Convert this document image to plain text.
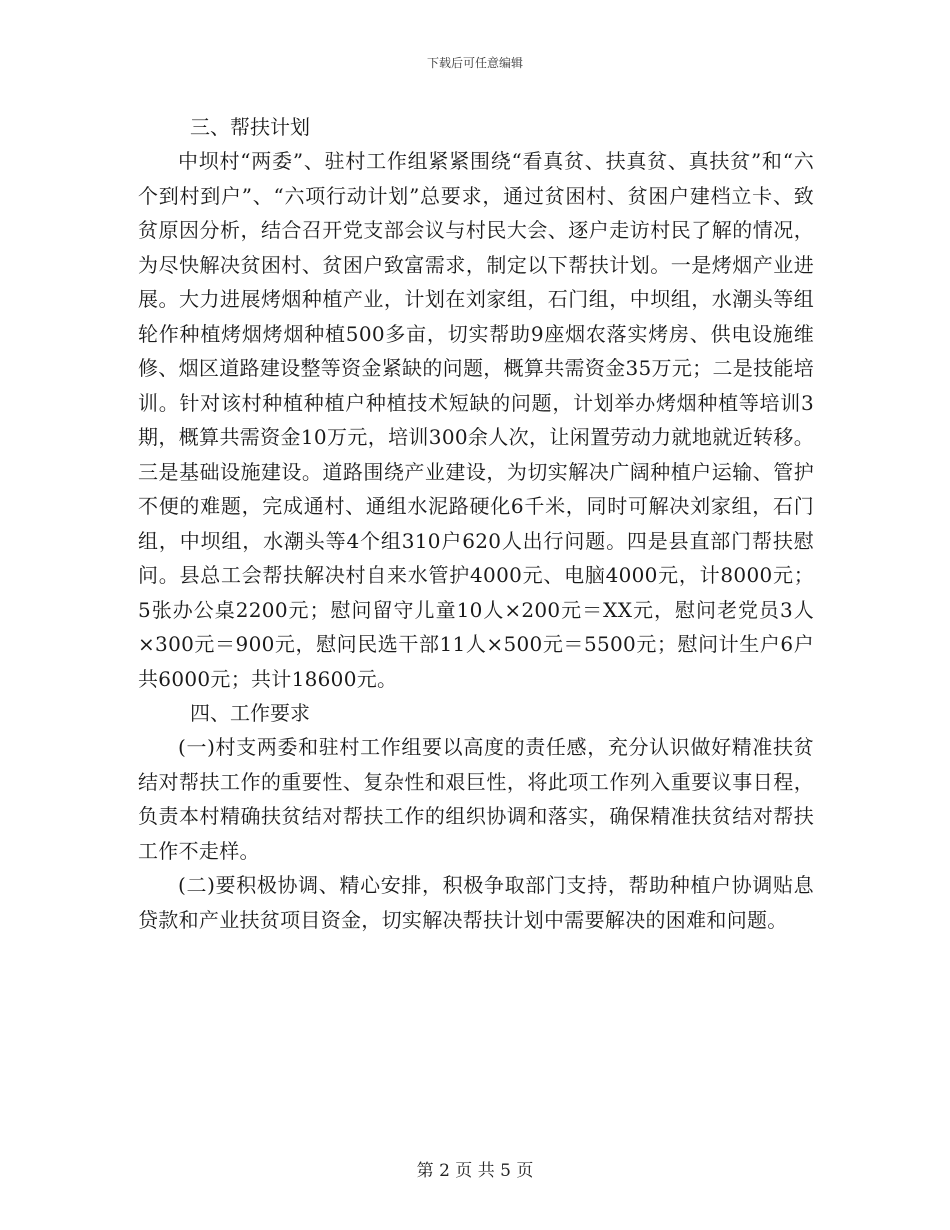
下载后可任意编辑

三、帮扶计划

中坝村“两委”、驻村工作组紧紧围绕“看真贫、扶真贫、真扶贫”和“六个到村到户”、“六项行动计划”总要求，通过贫困村、贫困户建档立卡、致贫原因分析，结合召开党支部会议与村民大会、逐户走访村民了解的情况，为尽快解决贫困村、贫困户致富需求，制定以下帮扶计划。一是烤烟产业进展。大力进展烤烟种植产业，计划在刘家组，石门组，中坝组，水潮头等组轮作种植烤烟烤烟种植500多亩，切实帮助9座烟农落实烤房、供电设施维修、烟区道路建设整等资金紧缺的问题，概算共需资金35万元；二是技能培训。针对该村种植种植户种植技术短缺的问题，计划举办烤烟种植等培训3期，概算共需资金10万元，培训300余人次，让闲置劳动力就地就近转移。三是基础设施建设。道路围绕产业建设，为切实解决广阔种植户运输、管护不便的难题，完成通村、通组水泥路硬化6千米，同时可解决刘家组，石门组，中坝组，水潮头等4个组310户620人出行问题。四是县直部门帮扶慰问。县总工会帮扶解决村自来水管护4000元、电脑4000元，计8000元；5张办公桌2200元；慰问留守儿童10人×200元＝XX元，慰问老党员3人×300元＝900元，慰问民选干部11人×500元＝5500元；慰问计生户6户共6000元；共计18600元。

四、工作要求

(一)村支两委和驻村工作组要以高度的责任感，充分认识做好精准扶贫结对帮扶工作的重要性、复杂性和艰巨性，将此项工作列入重要议事日程，负责本村精确扶贫结对帮扶工作的组织协调和落实，确保精准扶贫结对帮扶工作不走样。

(二)要积极协调、精心安排，积极争取部门支持，帮助种植户协调贴息贷款和产业扶贫项目资金，切实解决帮扶计划中需要解决的困难和问题。

第 2 页 共 5 页
